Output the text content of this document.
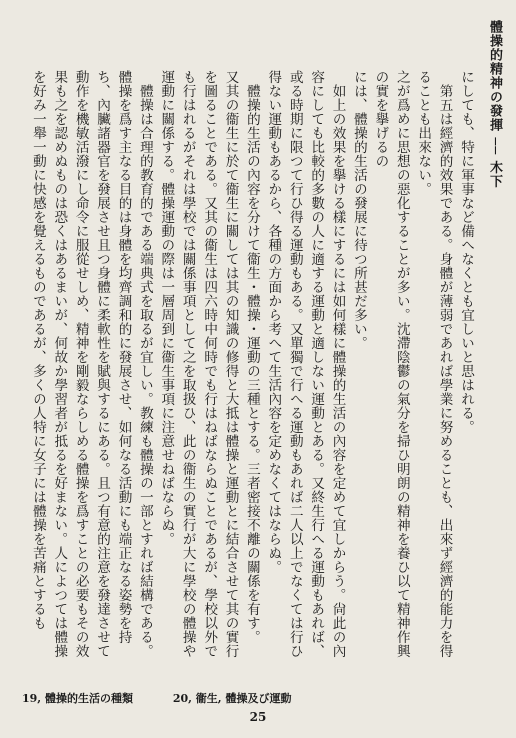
體操的精神の發揮 ── 木下

にしても、特に軍事など備へなくとも宜しいと思はれる。

第五は經濟的效果である。身體が薄弱であれば學業に努めることも、出來ず經濟的能力を得ることも出來ない。

之が爲めに思想の惡化することが多い。沈滯陰鬱の氣分を掃ひ明朗の精神を養ひ以て精神作興の實を擧げるの

には、體操的生活の發展に待つ所甚だ多い。

如上の效果を擧ける樣にするには如何樣に體操的生活の內容を定めて宜しからう。尙此の內容にしても比較的多數の人に適する運動と適しない運動とある。又終生行へる運動もあれば、或る時期に限つて行ひ得る運動もある。又單獨で行へる運動もあれば二人以上でなくては行ひ得ない運動もあるから、各種の方面から考へて生活內容を定めなくてはならぬ。

體操的生活の內容を分けて衞生・體操・運動の三種とする。三者密接不離の關係を有す。

又其の衞生に於て衞生に關しては其の知識の修得と大抵は體操と運動とに結合させて其の實行を圖ることである。又其の衞生は四六時中何時でも行はねばならぬことであるが、學校以外でも行はれるがそれは學校では關係事項として之を取扱ひ、此の衞生の實行が大に學校の體操や運動に關係する。體操運動の際は一層周到に衞生事項に注意せねばならぬ。

體操は合理的教育的である端典式を取るが宜しい。教練も體操の一部とすれば結構である。體操を爲す主なる目的は身體を均齊調和的に發展させ、如何なる活動にも端正なる姿勢を持ち、內臟諸器官を發展させ且つ身體に柔軟性を賦與するにある。且つ有意的注意を發達させて動作を機敏活潑にし命令に服從せしめ、精神を剛毅ならしめる體操を爲すことの必要もその效果も之を認めぬものは恐くはあるまいが、何故か學習者が抵るを好まない。人によつては體操を好み一舉一動に快感を覺えるものであるが、多くの人特に女子には體操を苦痛とするも

19, 體操的生活の種類	20, 衞生, 體操及び運動
25
